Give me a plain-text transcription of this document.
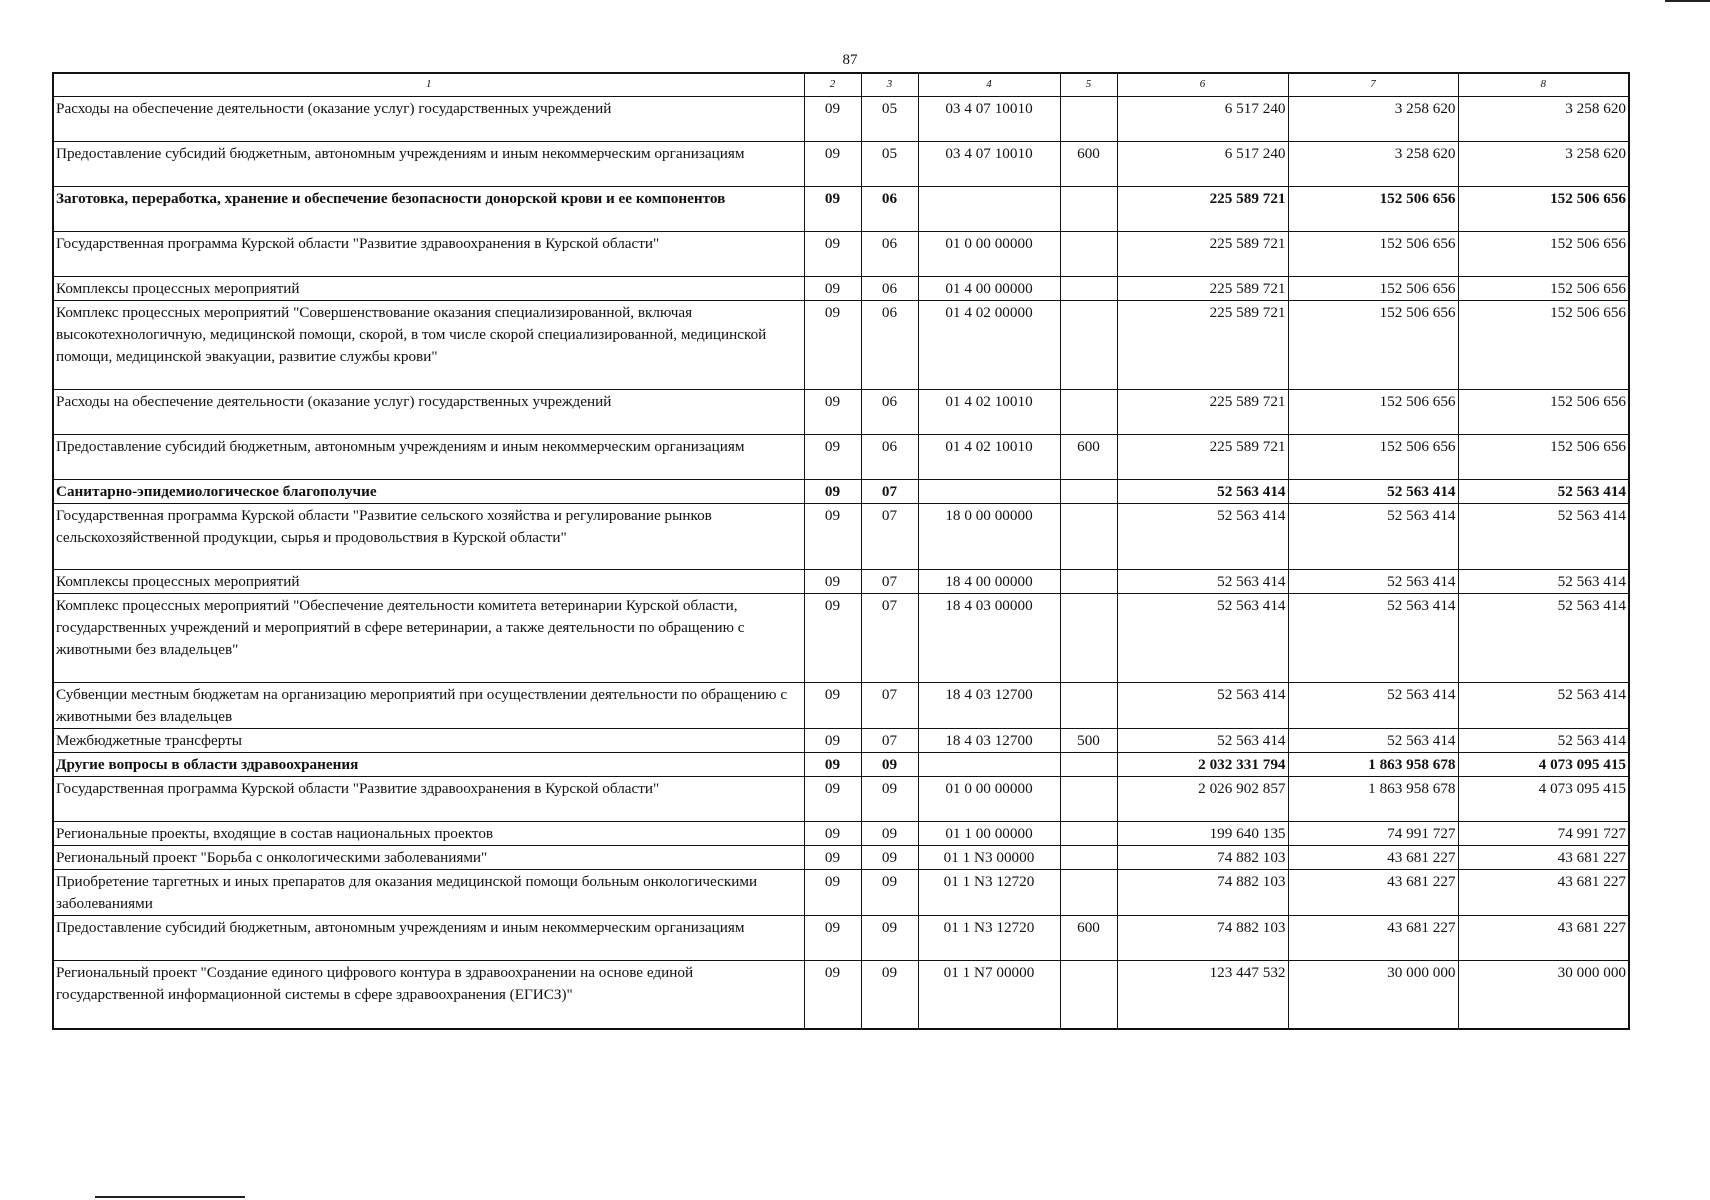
87
1	2	3	4	5	6	7	8
Расходы на обеспечение деятельности (оказание услуг) государственных учреждений	09	05	03 4 07 10010		6 517 240	3 258 620	3 258 620
Предоставление субсидий бюджетным, автономным учреждениям и иным некоммерческим организациям	09	05	03 4 07 10010	600	6 517 240	3 258 620	3 258 620
Заготовка, переработка, хранение и обеспечение безопасности донорской крови и ее компонентов	09	06			225 589 721	152 506 656	152 506 656
Государственная программа Курской области "Развитие здравоохранения в Курской области"	09	06	01 0 00 00000		225 589 721	152 506 656	152 506 656
Комплексы процессных мероприятий	09	06	01 4 00 00000		225 589 721	152 506 656	152 506 656
Комплекс процессных мероприятий "Совершенствование оказания специализированной, включая высокотехнологичную, медицинской помощи, скорой, в том числе скорой специализированной, медицинской помощи, медицинской эвакуации, развитие службы крови"	09	06	01 4 02 00000		225 589 721	152 506 656	152 506 656
Расходы на обеспечение деятельности (оказание услуг) государственных учреждений	09	06	01 4 02 10010		225 589 721	152 506 656	152 506 656
Предоставление субсидий бюджетным, автономным учреждениям и иным некоммерческим организациям	09	06	01 4 02 10010	600	225 589 721	152 506 656	152 506 656
Санитарно-эпидемиологическое благополучие	09	07			52 563 414	52 563 414	52 563 414
Государственная программа Курской области "Развитие сельского хозяйства и регулирование рынков сельскохозяйственной продукции, сырья и продовольствия в Курской области"	09	07	18 0 00 00000		52 563 414	52 563 414	52 563 414
Комплексы процессных мероприятий	09	07	18 4 00 00000		52 563 414	52 563 414	52 563 414
Комплекс процессных мероприятий "Обеспечение деятельности комитета ветеринарии Курской области, государственных учреждений и мероприятий в сфере ветеринарии, а также деятельности по обращению с животными без владельцев"	09	07	18 4 03 00000		52 563 414	52 563 414	52 563 414
Субвенции местным бюджетам на организацию мероприятий при осуществлении деятельности по обращению с животными без владельцев	09	07	18 4 03 12700		52 563 414	52 563 414	52 563 414
Межбюджетные трансферты	09	07	18 4 03 12700	500	52 563 414	52 563 414	52 563 414
Другие вопросы в области здравоохранения	09	09			2 032 331 794	1 863 958 678	4 073 095 415
Государственная программа Курской области "Развитие здравоохранения в Курской области"	09	09	01 0 00 00000		2 026 902 857	1 863 958 678	4 073 095 415
Региональные проекты, входящие в состав национальных проектов	09	09	01 1 00 00000		199 640 135	74 991 727	74 991 727
Региональный проект "Борьба с онкологическими заболеваниями"	09	09	01 1 N3 00000		74 882 103	43 681 227	43 681 227
Приобретение таргетных и иных препаратов для оказания медицинской помощи больным онкологическими заболеваниями	09	09	01 1 N3 12720		74 882 103	43 681 227	43 681 227
Предоставление субсидий бюджетным, автономным учреждениям и иным некоммерческим организациям	09	09	01 1 N3 12720	600	74 882 103	43 681 227	43 681 227
Региональный проект "Создание единого цифрового контура в здравоохранении на основе единой государственной информационной системы в сфере здравоохранения (ЕГИСЗ)"	09	09	01 1 N7 00000		123 447 532	30 000 000	30 000 000
